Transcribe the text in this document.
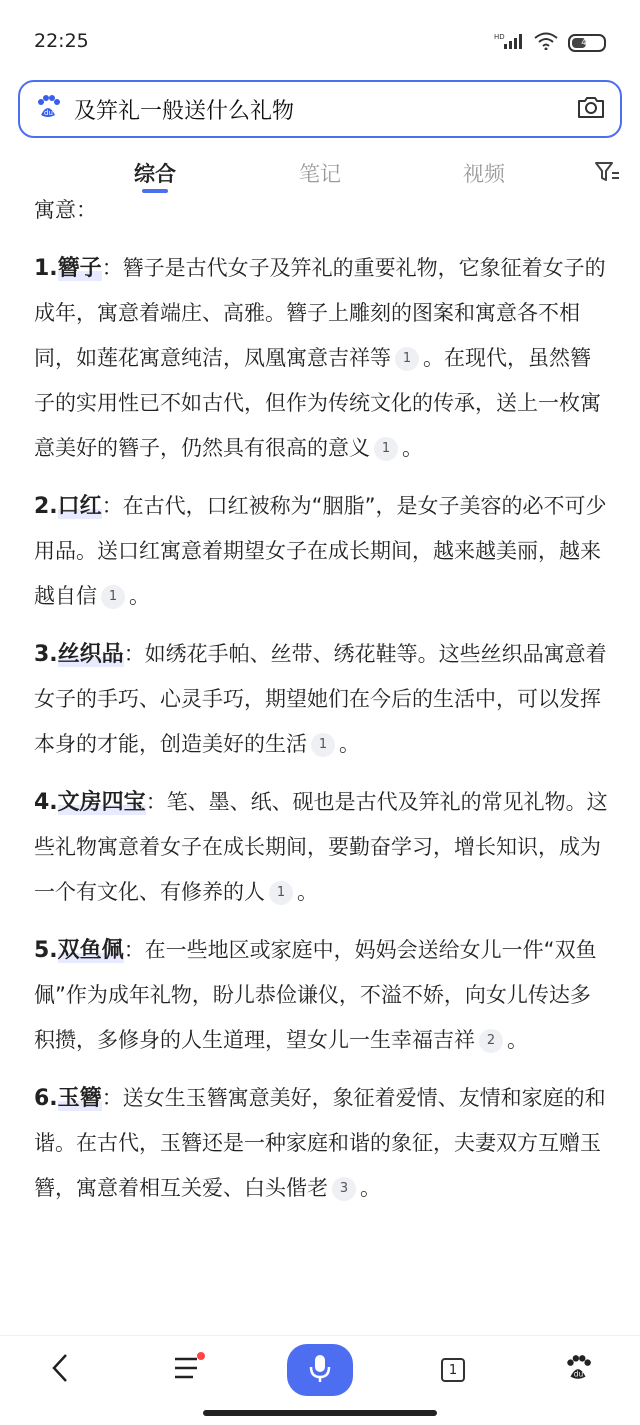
22:25	HD
48
du 及笄礼一般送什么礼物
综合	笔记	视频

寓意：

1.簪子：簪子是古代女子及笄礼的重要礼物，它象征着女子的成年，寓意着端庄、高雅。簪子上雕刻的图案和寓意各不相同，如莲花寓意纯洁，凤凰寓意吉祥等 1 。在现代，虽然簪子的实用性已不如古代，但作为传统文化的传承，送上一枚寓意美好的簪子，仍然具有很高的意义 1 。

2.口红：在古代，口红被称为“胭脂”，是女子美容的必不可少用品。送口红寓意着期望女子在成长期间，越来越美丽，越来越自信 1 。

3.丝织品：如绣花手帕、丝带、绣花鞋等。这些丝织品寓意着女子的手巧、心灵手巧，期望她们在今后的生活中，可以发挥本身的才能，创造美好的生活 1 。

4.文房四宝：笔、墨、纸、砚也是古代及笄礼的常见礼物。这些礼物寓意着女子在成长期间，要勤奋学习，增长知识，成为一个有文化、有修养的人 1 。

5.双鱼佩：在一些地区或家庭中，妈妈会送给女儿一件“双鱼佩”作为成年礼物，盼儿恭俭谦仪，不溢不娇，向女儿传达多积攒，多修身的人生道理，望女儿一生幸福吉祥 2 。

6.玉簪：送女生玉簪寓意美好，象征着爱情、友情和家庭的和谐。在古代，玉簪还是一种家庭和谐的象征，夫妻双方互赠玉簪，寓意着相互关爱、白头偕老 3 。

1	du
